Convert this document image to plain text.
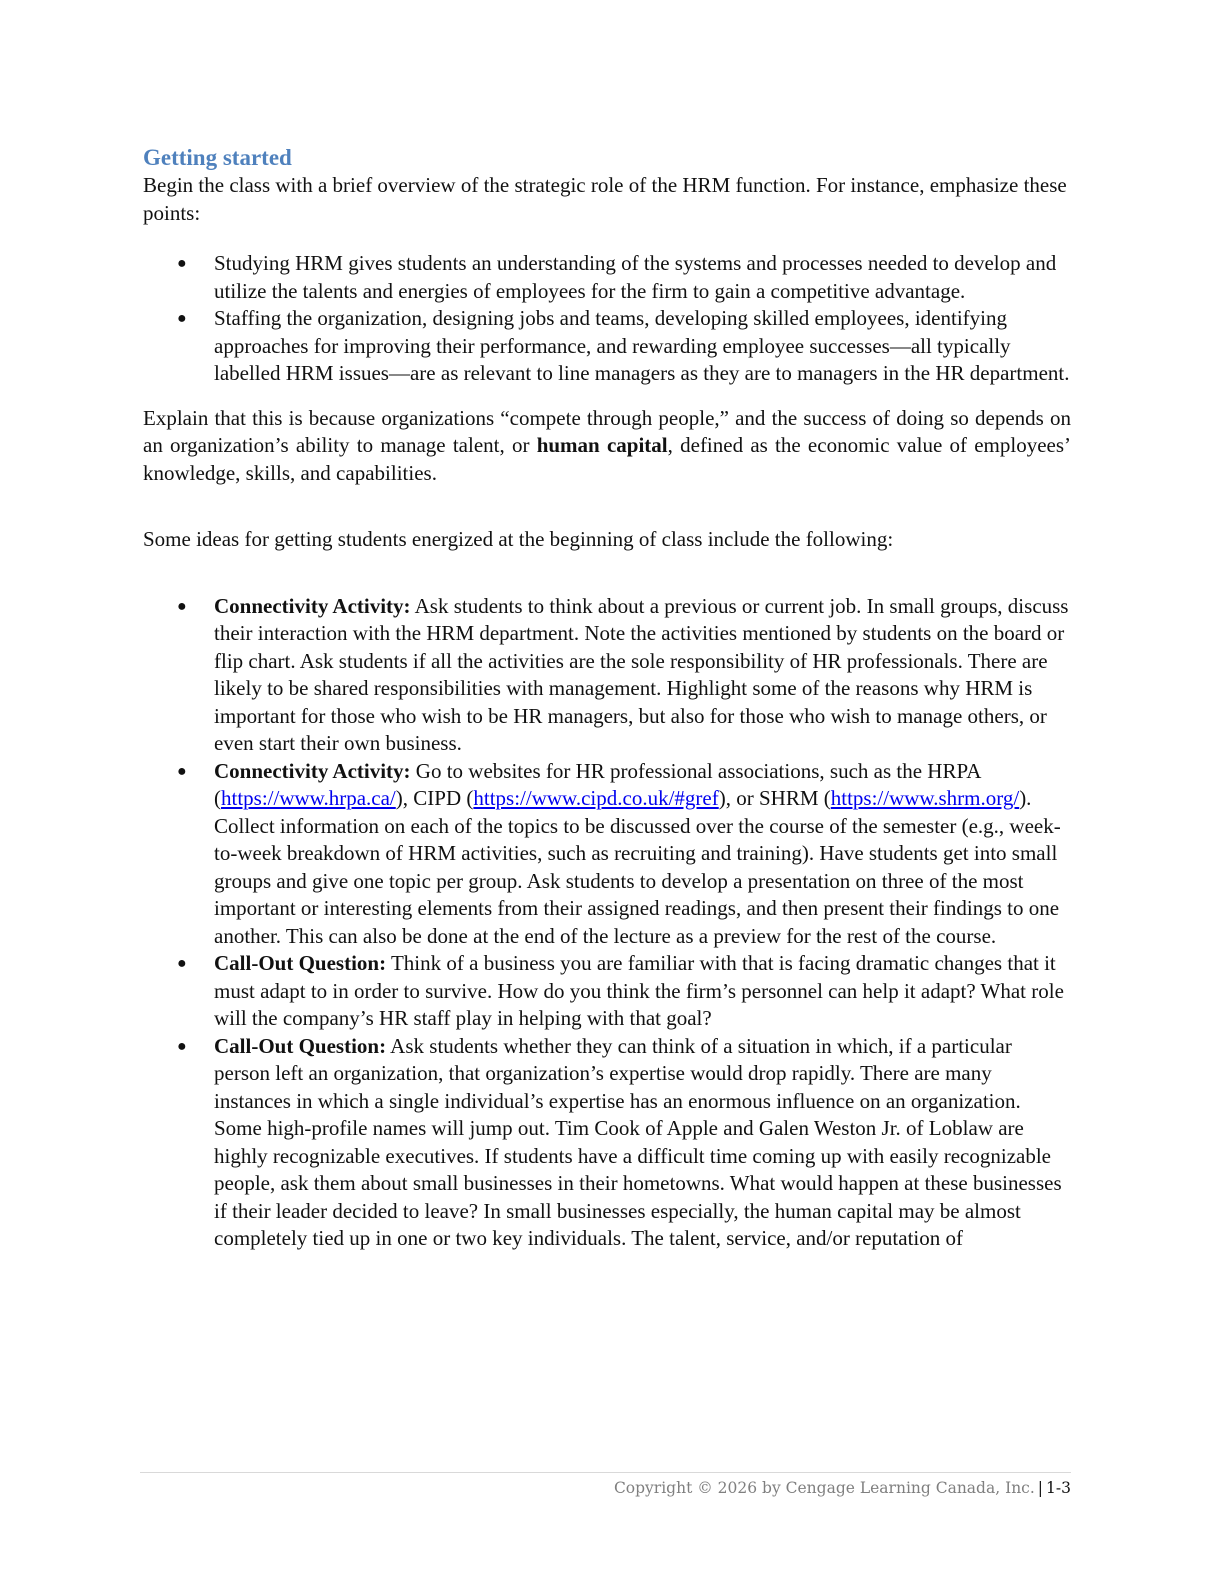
Getting started

Begin the class with a brief overview of the strategic role of the HRM function. For instance, emphasize these points:

● Studying HRM gives students an understanding of the systems and processes needed to develop and utilize the talents and energies of employees for the firm to gain a competitive advantage.
● Staffing the organization, designing jobs and teams, developing skilled employees, identifying approaches for improving their performance, and rewarding employee successes—all typically labelled HRM issues—are as relevant to line managers as they are to managers in the HR department.

Explain that this is because organizations “compete through people,” and the success of doing so depends on an organization’s ability to manage talent, or human capital, defined as the economic value of employees’ knowledge, skills, and capabilities.

Some ideas for getting students energized at the beginning of class include the following:

● Connectivity Activity: Ask students to think about a previous or current job. In small groups, discuss their interaction with the HRM department. Note the activities mentioned by students on the board or flip chart. Ask students if all the activities are the sole responsibility of HR professionals. There are likely to be shared responsibilities with management. Highlight some of the reasons why HRM is important for those who wish to be HR managers, but also for those who wish to manage others, or even start their own business.
● Connectivity Activity: Go to websites for HR professional associations, such as the HRPA (https://www.hrpa.ca/), CIPD (https://www.cipd.co.uk/#gref), or SHRM (https://www.shrm.org/). Collect information on each of the topics to be discussed over the course of the semester (e.g., week-to-week breakdown of HRM activities, such as recruiting and training). Have students get into small groups and give one topic per group. Ask students to develop a presentation on three of the most important or interesting elements from their assigned readings, and then present their findings to one another. This can also be done at the end of the lecture as a preview for the rest of the course.
● Call-Out Question: Think of a business you are familiar with that is facing dramatic changes that it must adapt to in order to survive. How do you think the firm’s personnel can help it adapt? What role will the company’s HR staff play in helping with that goal?
● Call-Out Question: Ask students whether they can think of a situation in which, if a particular person left an organization, that organization’s expertise would drop rapidly. There are many instances in which a single individual’s expertise has an enormous influence on an organization. Some high-profile names will jump out. Tim Cook of Apple and Galen Weston Jr. of Loblaw are highly recognizable executives. If students have a difficult time coming up with easily recognizable people, ask them about small businesses in their hometowns. What would happen at these businesses if their leader decided to leave? In small businesses especially, the human capital may be almost completely tied up in one or two key individuals. The talent, service, and/or reputation of
Copyright © 2026 by Cengage Learning Canada, Inc. | 1-3
